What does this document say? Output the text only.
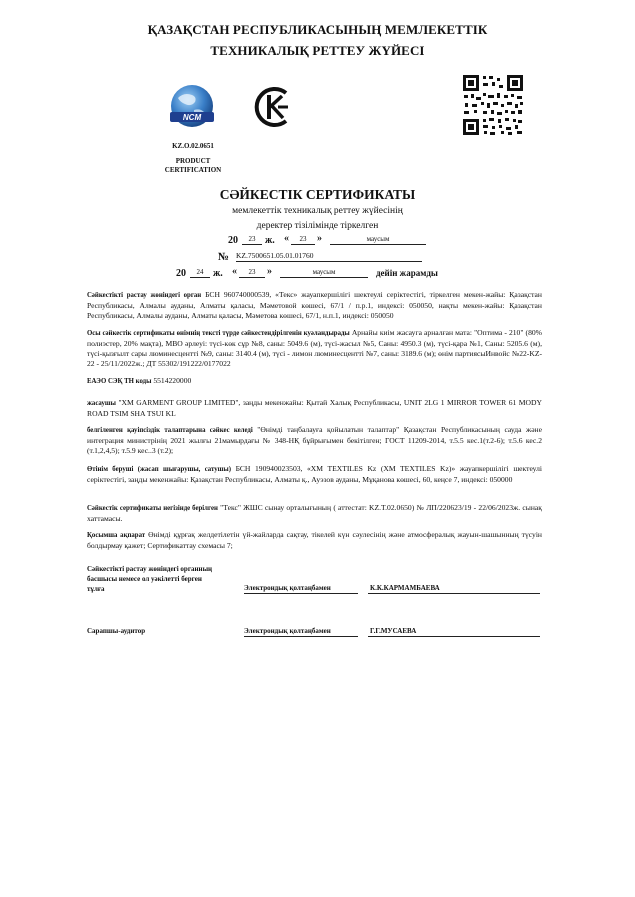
ҚАЗАҚСТАН РЕСПУБЛИКАСЫНЫҢ МЕМЛЕКЕТТІК
ТЕХНИКАЛЫҚ РЕТТЕУ ЖҮЙЕСІ
NCM
KZ.O.02.0651
PRODUCT
CERTIFICATION
СӘЙКЕСТІК СЕРТИФИКАТЫ
мемлекеттік техникалық реттеу жүйесінің
деректер тізілімінде тіркелген
20	23 ж. «	23	»	маусым
№ KZ.7500651.05.01.01760
20	24 ж. «	23	»	маусым	дейін жарамды
Сәйкестікті растау жөніндегі орган БСН 960740000539, «Текс» жауапкершілігі шектеулі серіктестігі, тіркелген мекен-жайы: Қазақстан Республикасы, Алмалы ауданы, Алматы қаласы, Мәметовой көшесі, 67/1 / п.р.1, индексі: 050050, нақты мекен-жайы: Қазақстан Республикасы, Алмалы ауданы, Алматы қаласы, Мәметова көшесі, 67/1, н.п.1, индексі: 050050
Осы сәйкестік сертификаты өнімнің тексті түрде сәйкестендірілгенін куәландырады Арнайы киім жасауга арналған мата: "Оптима - 210" (80% полиэстер, 20% мақта), МВО әрлеуі: түсі-көк сұр №8, саны: 5049.6 (м), түсі-жасыл №5, Саны: 4950.3 (м), түсі-қара №1, Саны: 5205.6 (м), түсі-қызғылт сары люминесцентті №9, саны: 3140.4 (м), түсі - лимон люминесцентті №7, саны: 3189.6 (м); өнім партиясыИнвойс №22-KZ-22 - 25/11/2022ж.; ДТ 55302/191222/0177022
ЕАЭО СЭҚ ТН коды 5514220000
жасаушы "XM GARMENT GROUP LIMITED", заңды мекенжайы: Қытай Халық Республикасы, UNIT 2LG 1 MIRROR TOWER 61 MODY ROAD TSIM SHA TSUI KL
белгіленген қауіпсіздік талаптарына сәйкес келеді "Өнімді таңбалауға қойылатын талаптар" Қазақстан Республикасының сауда және интеграция министрінің 2021 жылғы 21мамырдағы № 348-НҚ бұйрығымен бекітілген; ГОСТ 11209-2014, т.5.5 кес.1(т.2-6); т.5.6 кес.2 (т.1,2,4,5); т.5.9 кес..3 (т.2);
Өтінім беруші (жасап шығарушы, сатушы) БСН 190940023503, «XM TEXTILES Kz (XM TEXTILES Kz)» жауапкершілігі шектеулі серіктестігі, заңды мекенжайы: Қазақстан Республикасы, Алматы қ., Ауэзов ауданы, Мұқанова көшесі, 60, кеңсе 7, индексі: 050000
Сәйкестік сертификаты негізінде берілген "Текс" ЖШС сынау орталығының ( аттестат: KZ.T.02.0650) № ЛП/220623/19 - 22/06/2023ж. сынақ хаттамасы.
Қосымша ақпарат Өнімді құрғақ желдетілетін үй-жайларда сақтау, тікелей күн сәулесінің және атмосфералық жауын-шашынның түсуін болдырмау қажет; Сертификаттау схемасы 7;
Сәйкестікті растау жөніндегі органның
басшысы немесе ол уәкілетті берген
тұлға	Электрондық қолтаңбамен	К.К.КАРМАМБАЕВА
Сарапшы-аудитор	Электрондық қолтаңбамен	Г.Г.МУСАЕВА
